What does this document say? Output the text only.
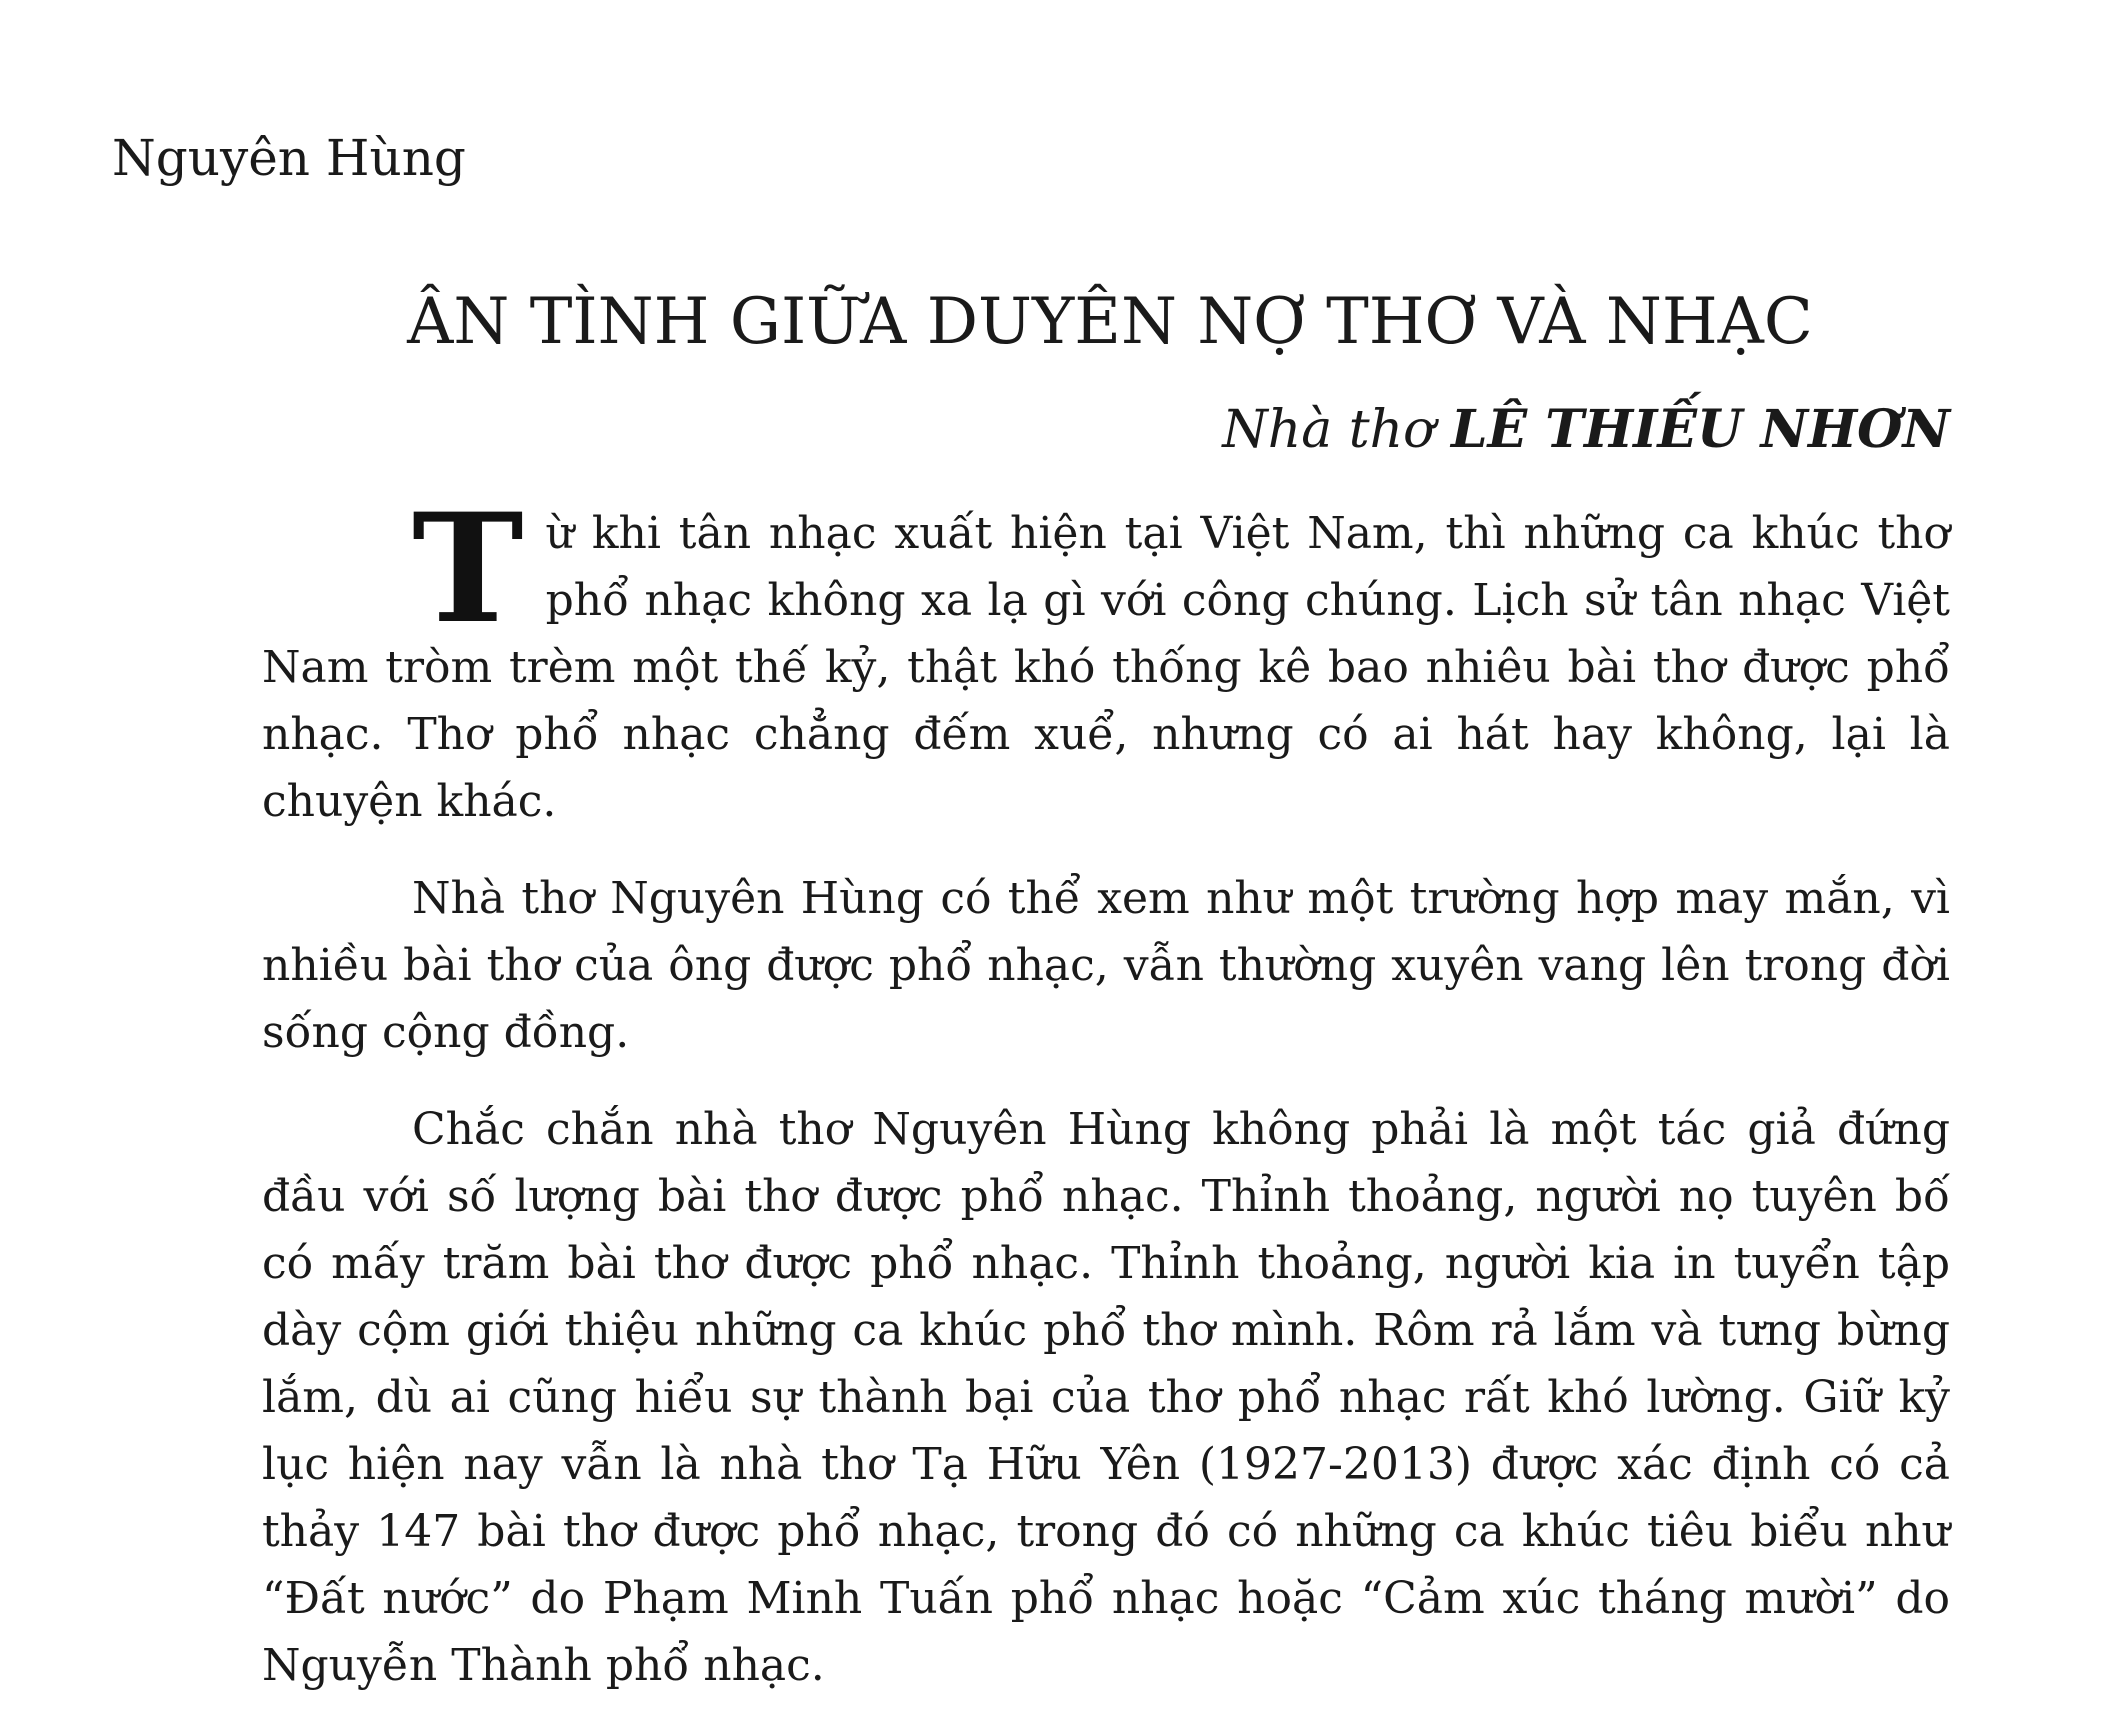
Nguyên Hùng
ÂN TÌNH GIỮA DUYÊN NỢ THƠ VÀ NHẠC
Nhà thơ LÊ THIẾU NHƠN

Từ khi tân nhạc xuất hiện tại Việt Nam, thì những ca khúc thơ phổ nhạc không xa lạ gì với công chúng. Lịch sử tân nhạc Việt Nam tròm trèm một thế kỷ, thật khó thống kê bao nhiêu bài thơ được phổ nhạc. Thơ phổ nhạc chẳng đếm xuể, nhưng có ai hát hay không, lại là chuyện khác.

Nhà thơ Nguyên Hùng có thể xem như một trường hợp may mắn, vì nhiều bài thơ của ông được phổ nhạc, vẫn thường xuyên vang lên trong đời sống cộng đồng.

Chắc chắn nhà thơ Nguyên Hùng không phải là một tác giả đứng đầu với số lượng bài thơ được phổ nhạc. Thỉnh thoảng, người nọ tuyên bố có mấy trăm bài thơ được phổ nhạc. Thỉnh thoảng, người kia in tuyển tập dày cộm giới thiệu những ca khúc phổ thơ mình. Rôm rả lắm và tưng bừng lắm, dù ai cũng hiểu sự thành bại của thơ phổ nhạc rất khó lường. Giữ kỷ lục hiện nay vẫn là nhà thơ Tạ Hữu Yên (1927-2013) được xác định có cả thảy 147 bài thơ được phổ nhạc, trong đó có những ca khúc tiêu biểu như “Đất nước” do Phạm Minh Tuấn phổ nhạc hoặc “Cảm xúc tháng mười” do Nguyễn Thành phổ nhạc.
